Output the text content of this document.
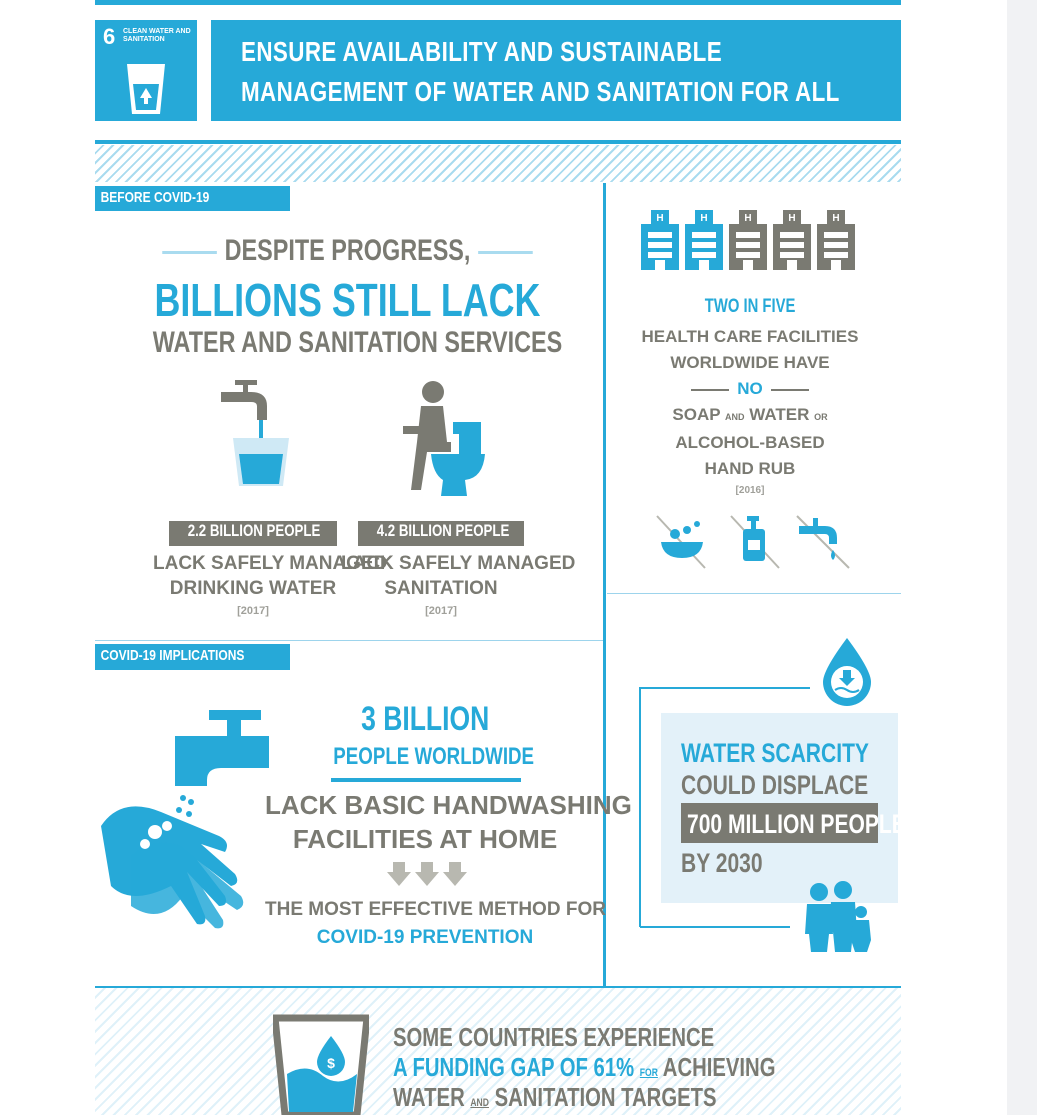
6 CLEAN WATER AND SANITATION	ENSURE AVAILABILITY AND SUSTAINABLE
MANAGEMENT OF WATER AND SANITATION FOR ALL
BEFORE COVID-19
DESPITE PROGRESS,
BILLIONS STILL LACK
WATER AND SANITATION SERVICES
2.2 BILLION PEOPLE	4.2 BILLION PEOPLE
LACK SAFELY MANAGED
DRINKING WATER
[2017]
LACK SAFELY MANAGED
SANITATION
[2017]
H	H	H	H	H
TWO IN FIVE
HEALTH CARE FACILITIES
WORLDWIDE HAVE
NO
SOAP AND WATER OR
ALCOHOL-BASED
HAND RUB
[2016]
COVID-19 IMPLICATIONS
3 BILLION
PEOPLE WORLDWIDE
LACK BASIC HANDWASHING
FACILITIES AT HOME
THE MOST EFFECTIVE METHOD FOR
COVID-19 PREVENTION
WATER SCARCITY
COULD DISPLACE
700 MILLION PEOPLE
BY 2030
$
SOME COUNTRIES EXPERIENCE
A FUNDING GAP OF 61% FOR ACHIEVING
WATER AND SANITATION TARGETS
